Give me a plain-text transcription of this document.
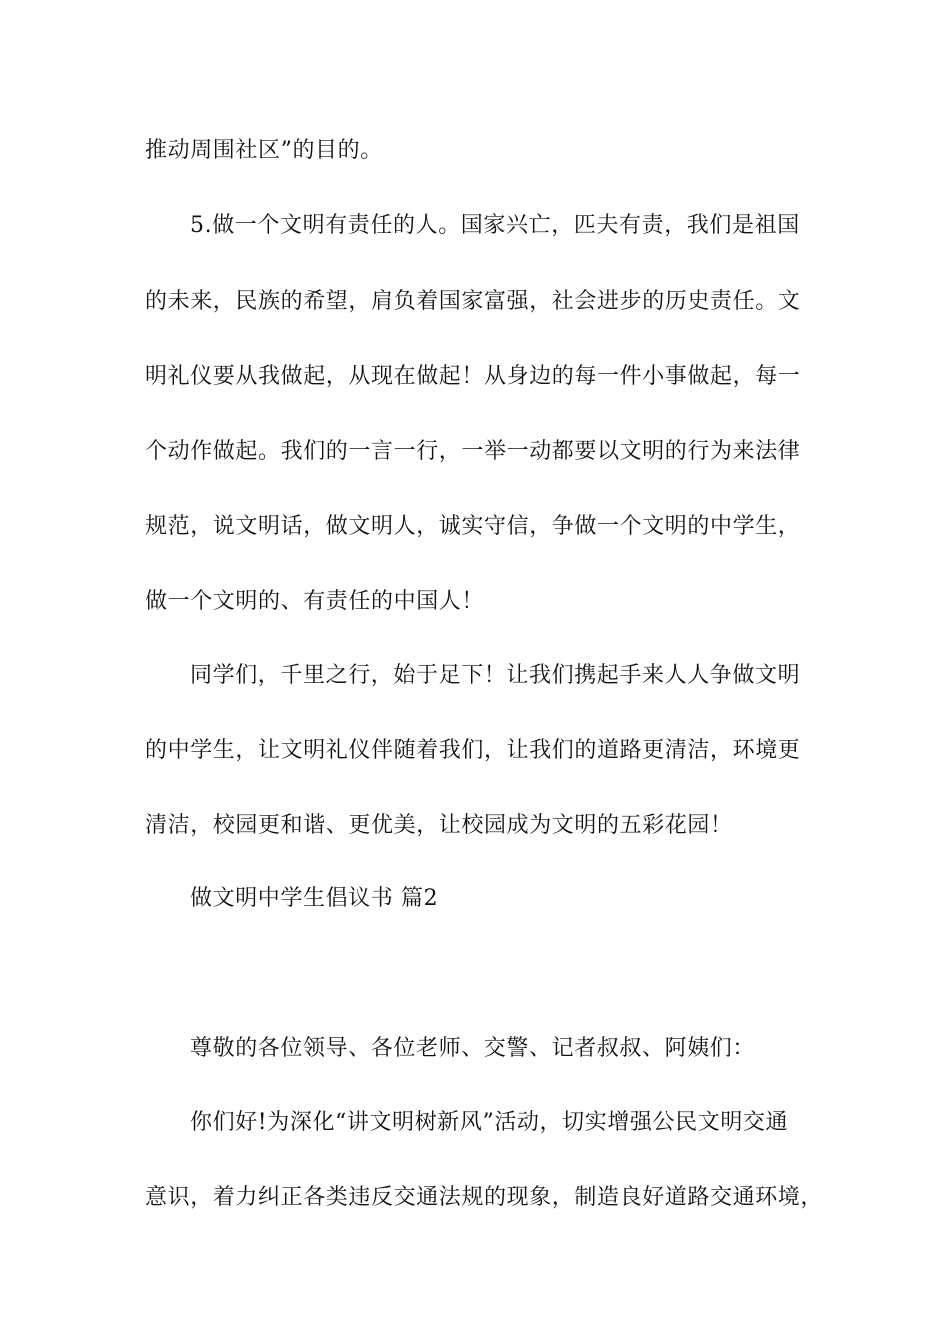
推动周围社区”的目的。
5.做一个文明有责任的人。国家兴亡，匹夫有责，我们是祖国
的未来，民族的希望，肩负着国家富强，社会进步的历史责任。文
明礼仪要从我做起，从现在做起！从身边的每一件小事做起，每一
个动作做起。我们的一言一行，一举一动都要以文明的行为来法律
规范，说文明话，做文明人，诚实守信，争做一个文明的中学生，
做一个文明的、有责任的中国人！
同学们，千里之行，始于足下！让我们携起手来人人争做文明
的中学生，让文明礼仪伴随着我们，让我们的道路更清洁，环境更
清洁，校园更和谐、更优美，让校园成为文明的五彩花园！
做文明中学生倡议书 篇2
尊敬的各位领导、各位老师、交警、记者叔叔、阿姨们：
你们好!为深化“讲文明树新风”活动，切实增强公民文明交通
意识，着力纠正各类违反交通法规的现象，制造良好道路交通环境，
